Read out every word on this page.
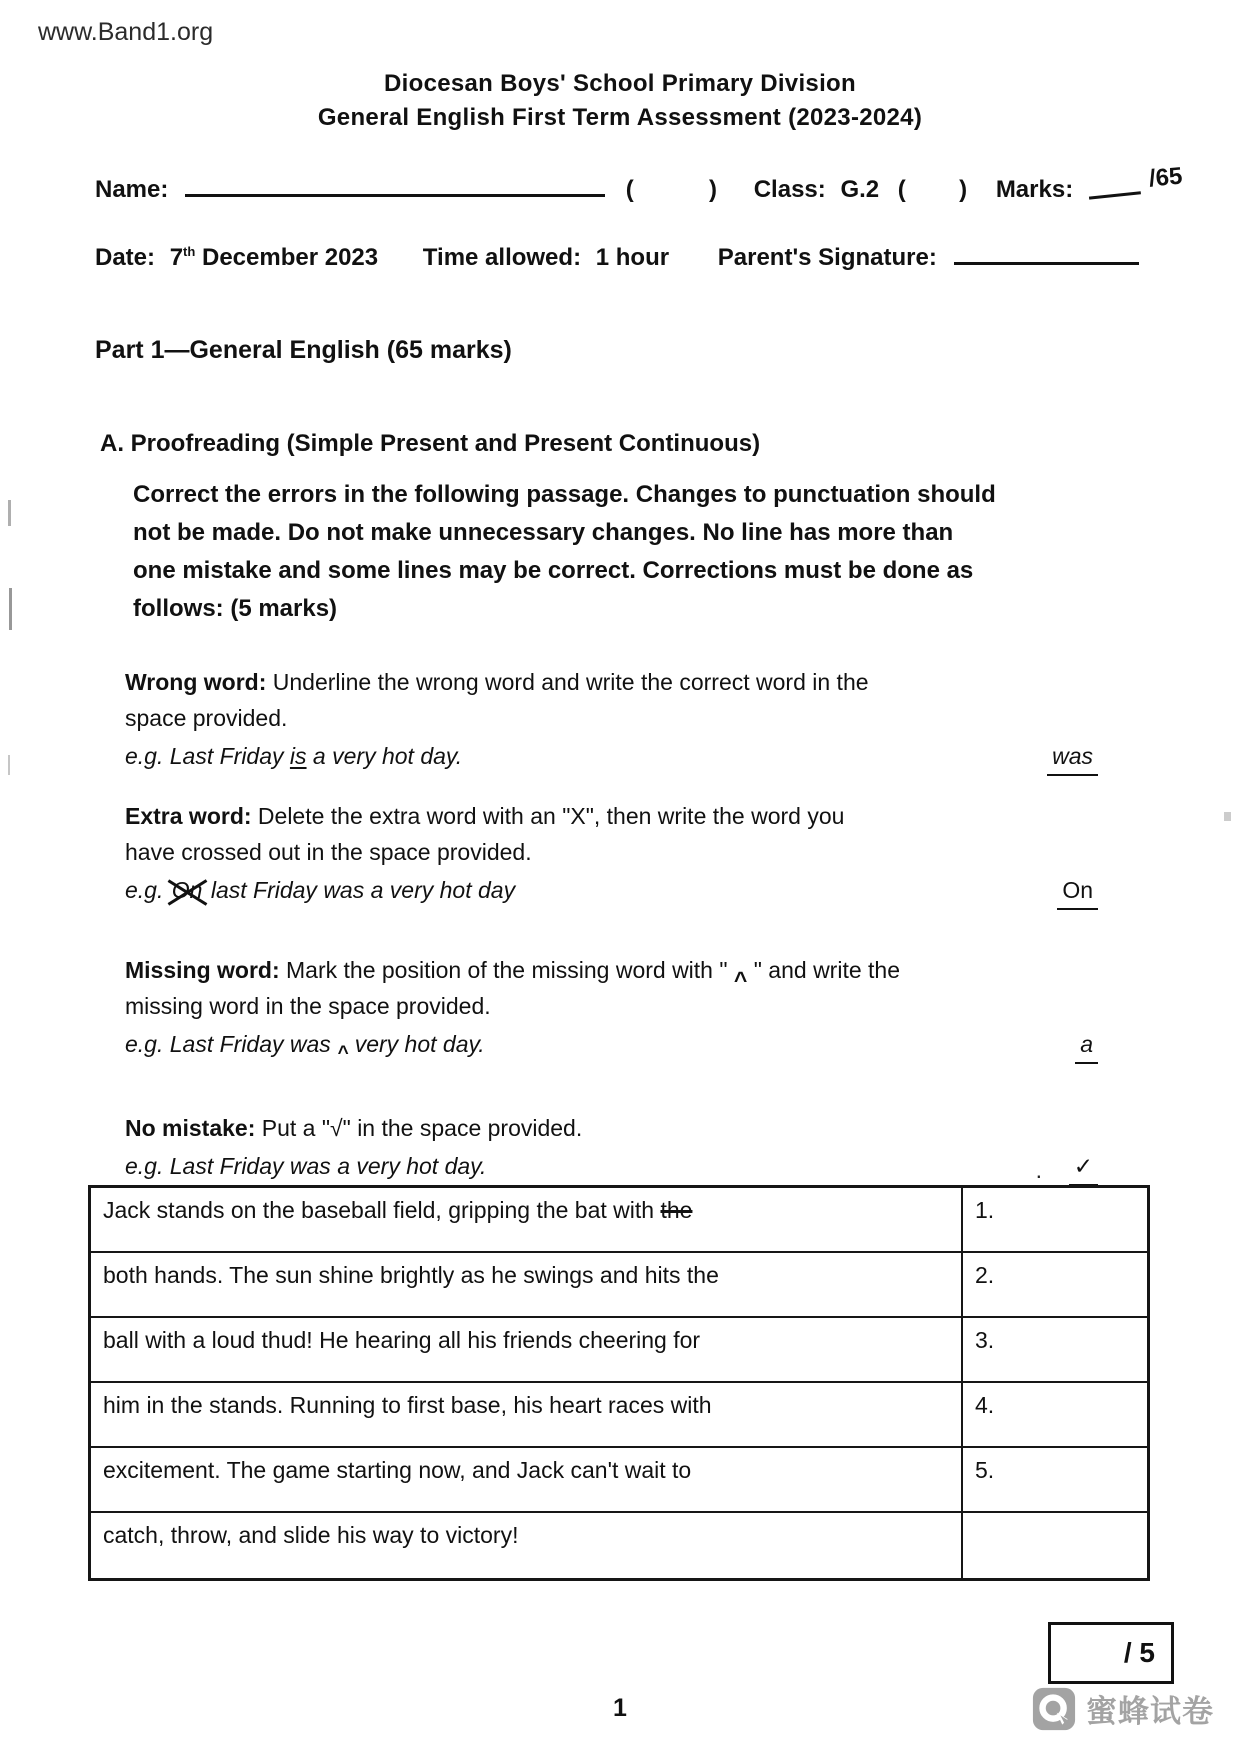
www.Band1.org
Diocesan Boys' School Primary Division
General English First Term Assessment (2023-2024)
Name:	(	) Class: G.2 ( ) Marks:	/65
Date: 7th December 2023 Time allowed: 1 hour Parent's Signature:
Part 1—General English (65 marks)
A. Proofreading (Simple Present and Present Continuous)
Correct the errors in the following passage. Changes to punctuation should
not be made. Do not make unnecessary changes. No line has more than
one mistake and some lines may be correct. Corrections must be done as
follows: (5 marks)
Wrong word: Underline the wrong word and write the correct word in the
space provided.
e.g. Last Friday is a very hot day.	was
Extra word: Delete the extra word with an "X", then write the word you
have crossed out in the space provided.
e.g. On last Friday was a very hot day	On
Missing word: Mark the position of the missing word with " ^ " and write the
missing word in the space provided.
e.g. Last Friday was ^ very hot day.	a
No mistake: Put a "√" in the space provided.
e.g. Last Friday was a very hot day.	. ✓
Jack stands on the baseball field, gripping the bat with the	1.
both hands. The sun shine brightly as he swings and hits the	2.
ball with a loud thud! He hearing all his friends cheering for	3.
him in the stands. Running to first base, his heart races with	4.
excitement. The game starting now, and Jack can't wait to	5.
catch, throw, and slide his way to victory!
/ 5
蜜蜂试卷
1
